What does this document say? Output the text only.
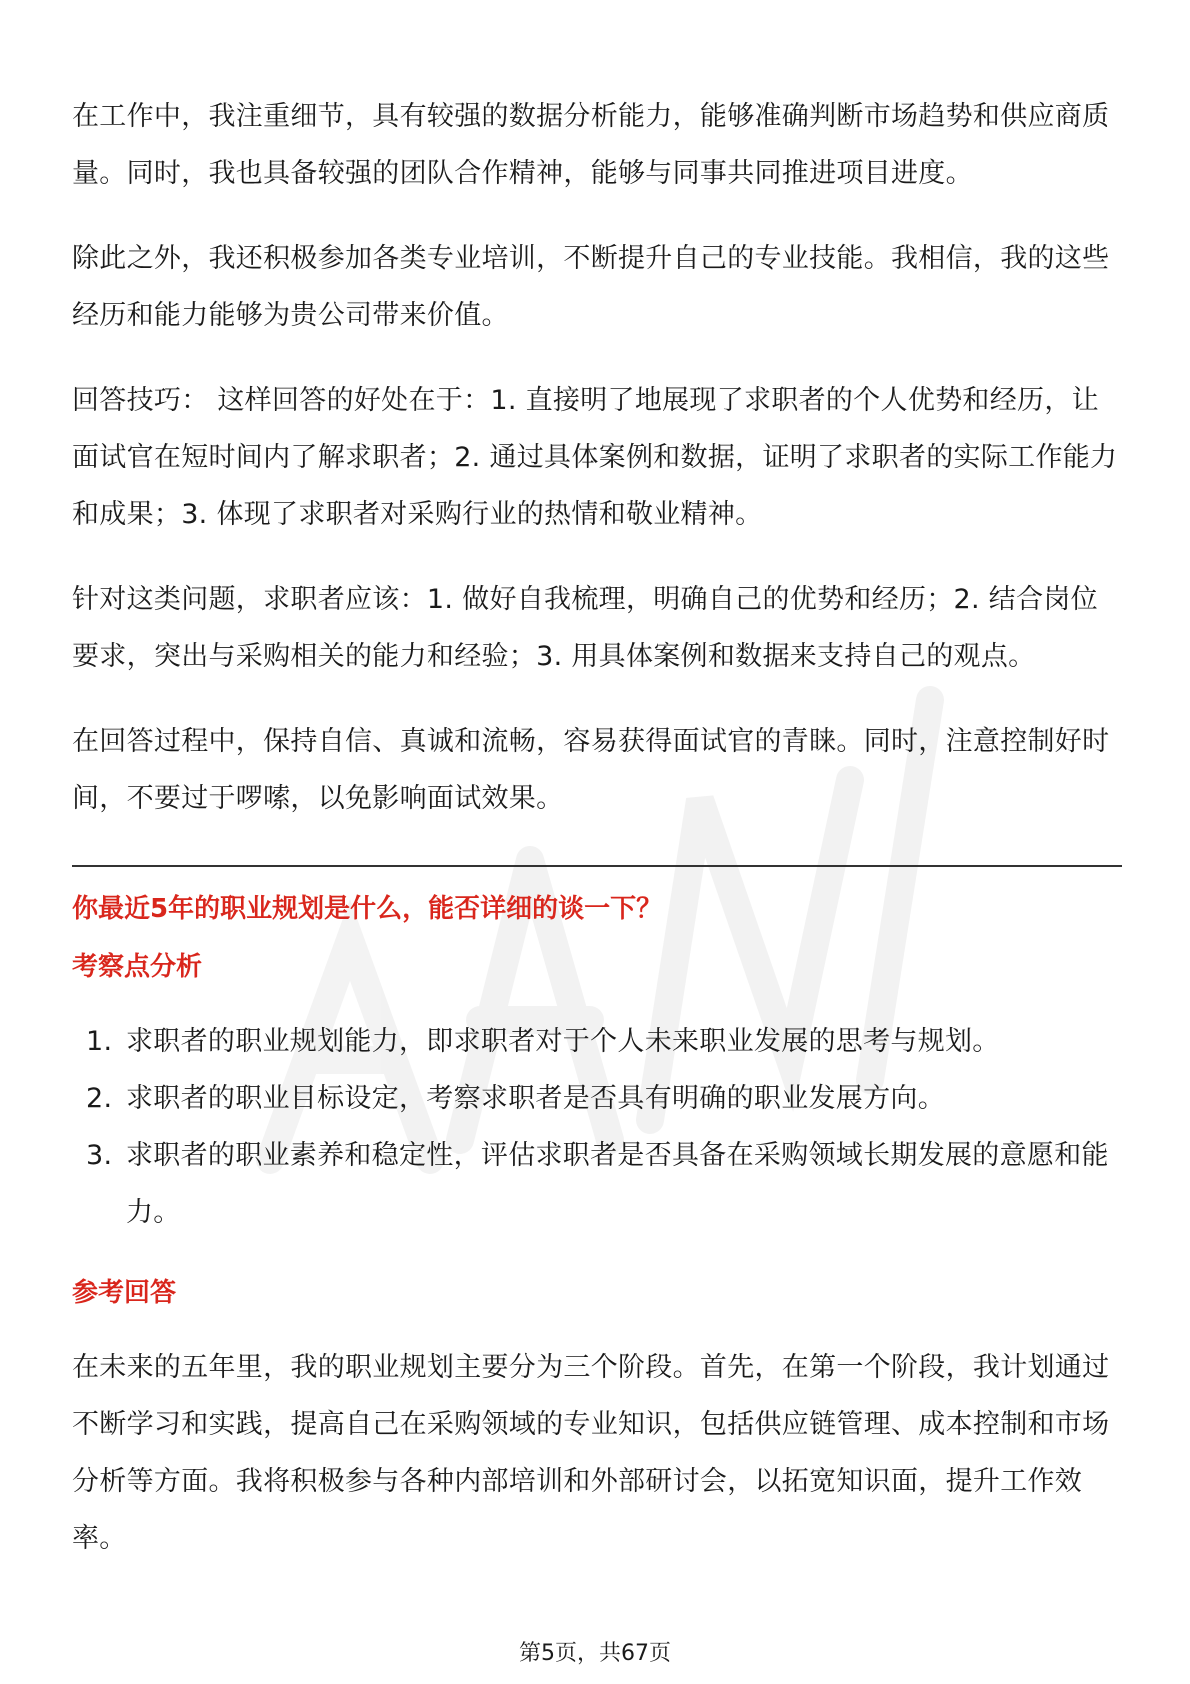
在工作中，我注重细节，具有较强的数据分析能力，能够准确判断市场趋势和供应商质量。同时，我也具备较强的团队合作精神，能够与同事共同推进项目进度。

除此之外，我还积极参加各类专业培训，不断提升自己的专业技能。我相信，我的这些经历和能力能够为贵公司带来价值。

回答技巧： 这样回答的好处在于：1. 直接明了地展现了求职者的个人优势和经历，让面试官在短时间内了解求职者；2. 通过具体案例和数据，证明了求职者的实际工作能力和成果；3. 体现了求职者对采购行业的热情和敬业精神。

针对这类问题，求职者应该：1. 做好自我梳理，明确自己的优势和经历；2. 结合岗位要求，突出与采购相关的能力和经验；3. 用具体案例和数据来支持自己的观点。

在回答过程中，保持自信、真诚和流畅，容易获得面试官的青睐。同时，注意控制好时间，不要过于啰嗦，以免影响面试效果。

你最近5年的职业规划是什么，能否详细的谈一下？
考察点分析
1. 求职者的职业规划能力，即求职者对于个人未来职业发展的思考与规划。
2. 求职者的职业目标设定，考察求职者是否具有明确的职业发展方向。
3. 求职者的职业素养和稳定性，评估求职者是否具备在采购领域长期发展的意愿和能力。
参考回答

在未来的五年里，我的职业规划主要分为三个阶段。首先，在第一个阶段，我计划通过不断学习和实践，提高自己在采购领域的专业知识，包括供应链管理、成本控制和市场分析等方面。我将积极参与各种内部培训和外部研讨会，以拓宽知识面，提升工作效率。

第5页，共67页
